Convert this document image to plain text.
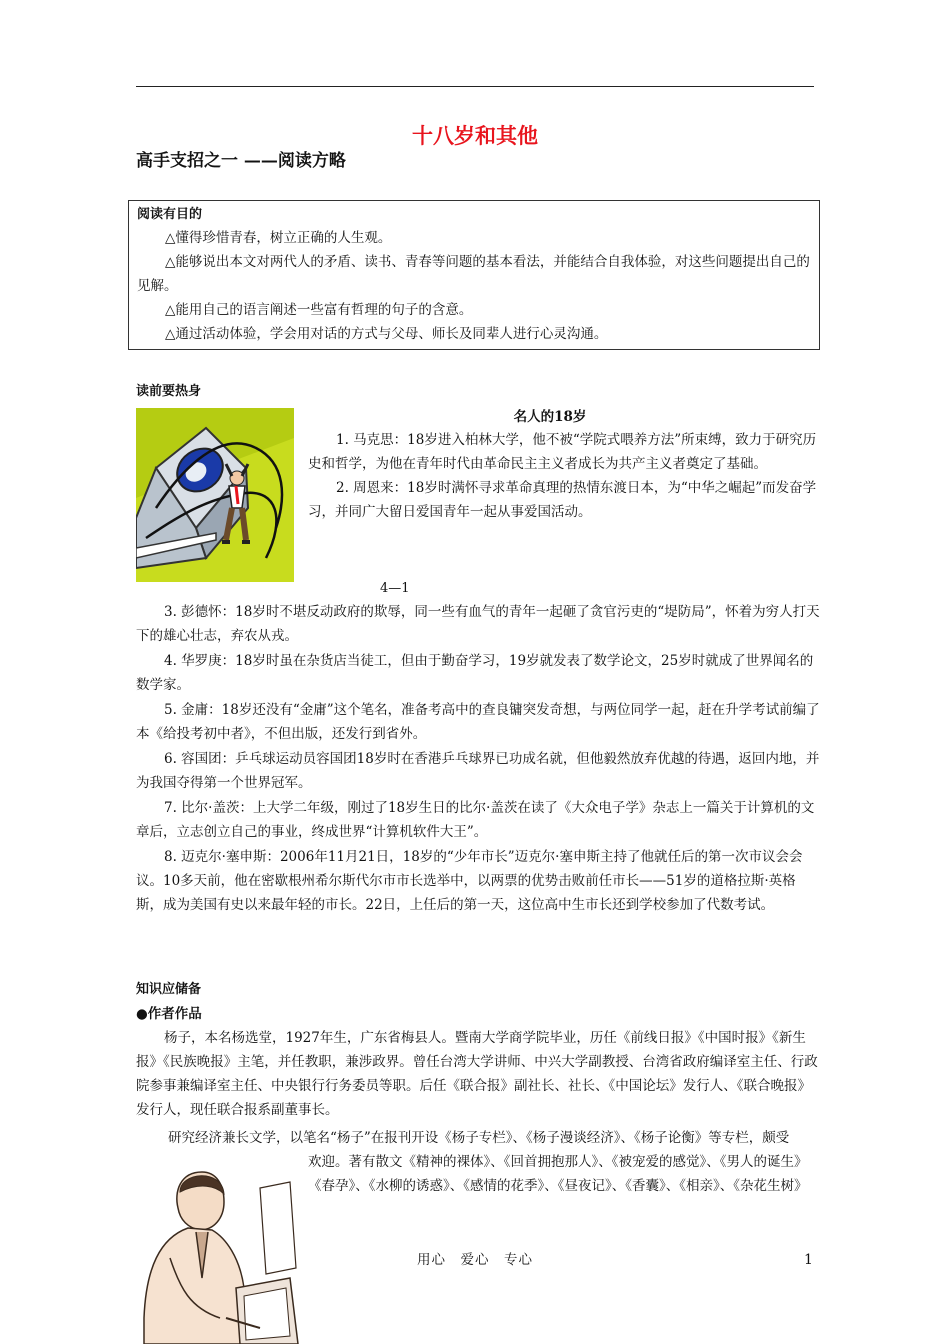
十八岁和其他
高手支招之一 ——阅读方略
阅读有目的

△懂得珍惜青春，树立正确的人生观。

△能够说出本文对两代人的矛盾、读书、青春等问题的基本看法，并能结合自我体验，对这些问题提出自己的见解。

△能用自己的语言阐述一些富有哲理的句子的含意。

△通过活动体验，学会用对话的方式与父母、师长及同辈人进行心灵沟通。

读前要热身
名人的18岁

1. 马克思：18岁进入柏林大学，他不被“学院式喂养方法”所束缚，致力于研究历史和哲学，为他在青年时代由革命民主主义者成长为共产主义者奠定了基础。

2. 周恩来：18岁时满怀寻求革命真理的热情东渡日本，为“中华之崛起”而发奋学习，并同广大留日爱国青年一起从事爱国活动。

4—1

3. 彭德怀：18岁时不堪反动政府的欺辱，同一些有血气的青年一起砸了贪官污吏的“堤防局”，怀着为穷人打天下的雄心壮志，弃农从戎。

4. 华罗庚：18岁时虽在杂货店当徒工，但由于勤奋学习，19岁就发表了数学论文，25岁时就成了世界闻名的数学家。

5. 金庸：18岁还没有“金庸”这个笔名，准备考高中的查良镛突发奇想，与两位同学一起，赶在升学考试前编了本《给投考初中者》，不但出版，还发行到省外。

6. 容国团：乒乓球运动员容国团18岁时在香港乒乓球界已功成名就，但他毅然放弃优越的待遇，返回内地，并为我国夺得第一个世界冠军。

7. 比尔·盖茨：上大学二年级，刚过了18岁生日的比尔·盖茨在读了《大众电子学》杂志上一篇关于计算机的文章后，立志创立自己的事业，终成世界“计算机软件大王”。

8. 迈克尔·塞申斯：2006年11月21日，18岁的“少年市长”迈克尔·塞申斯主持了他就任后的第一次市议会会议。10多天前，他在密歇根州希尔斯代尔市市长选举中，以两票的优势击败前任市长——51岁的道格拉斯·英格斯，成为美国有史以来最年轻的市长。22日，上任后的第一天，这位高中生市长还到学校参加了代数考试。

知识应储备
●作者作品

杨子，本名杨选堂，1927年生，广东省梅县人。暨南大学商学院毕业，历任《前线日报》《中国时报》《新生报》《民族晚报》主笔，并任教职，兼涉政界。曾任台湾大学讲师、中兴大学副教授、台湾省政府编译室主任、行政院参事兼编译室主任、中央银行行务委员等职。后任《联合报》副社长、社长、《中国论坛》发行人、《联合晚报》发行人，现任联合报系副董事长。

研究经济兼长文学，以笔名“杨子”在报刊开设《杨子专栏》、《杨子漫谈经济》、《杨子论衡》等专栏，颇受
欢迎。著有散文《精神的裸体》、《回首拥抱那人》、《被宠爱的感觉》、《男人的诞生》《春孕》、《水柳的诱惑》、《感情的花季》、《昼夜记》、《香囊》、《相亲》、《杂花生树》
用心　爱心　专心	1
